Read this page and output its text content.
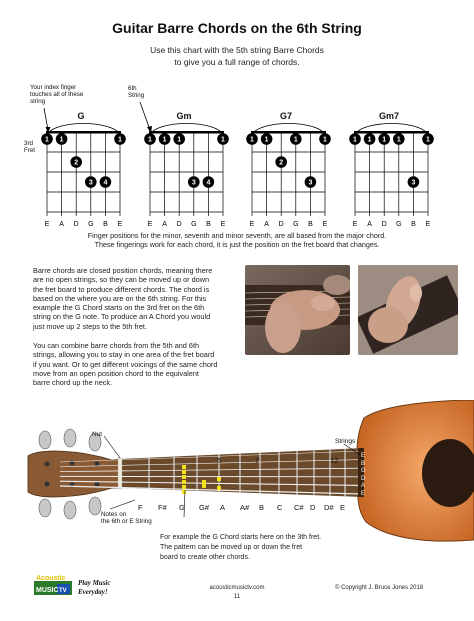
Guitar Barre Chords on the 6th String
Use this chart with the 5th string Barre Chords
to give you a full range of chords.
Your index finger
touches all of these
string
6th
String
3rd
Fret
G
E A D G B E
1 1
2
3 4
1
Gm
E A D G B E
1 1 1
3 4
1
G7
E A D G B E
1 1
2
1
3
1
Gm7
E A D G B E
1 1 1 1
3
1
Finger positions for the minor, seventh and minor seventh, are all based from the major chord.
These fingerings work for each chord, it is just the position on the fret board that changes.
Barre chords are closed position chords, meaning there
are no open strings, so they can be moved up or down
the fret board to produce different chords. The chord is
based on the where you are on the 6th string. For this
example the G Chord starts on the 3rd fret on the 6th
string on the G note. To produce an A Chord you would
just move up 2 steps to the 5th fret.
You can combine barre chords from the 5th and 6th
strings, allowing you to stay in one area of the fret board
if you want. Or to get different voicings of the same chord
move from an open position chord to the equivalent
barre chord up the neck.
Nut
Strings
E
B
G
D
A
E
5	7	12
F F# G G# A A# B C C# D D# E
Notes on
the 6th or E String
For example the G Chord starts here on the 3th fret.
The pattern can be moved up or down the fret
board to create other chords.
Acoustic
MUSIC TV
Play Music
Everyday!	acousticmusictv.com
11
© Copyright J. Bruce Jones 2018
